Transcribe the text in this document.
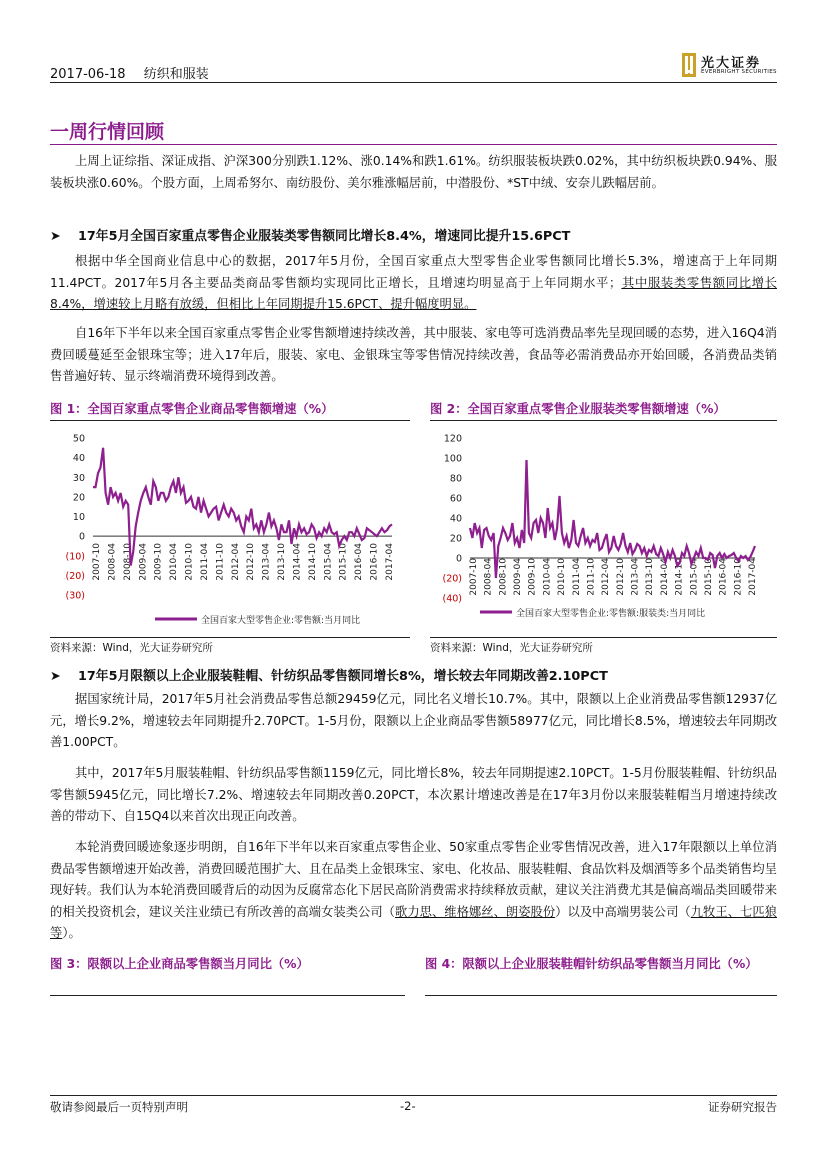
2017-06-18 纺织和服装
光大证券
EVERBRIGHT SECURITIES
一周行情回顾
上周上证综指、深证成指、沪深300分别跌1.12%、涨0.14%和跌1.61%。纺织服装板块跌0.02%，其中纺织板块跌0.94%、服装板块涨0.60%。个股方面，上周希努尔、南纺股份、美尔雅涨幅居前，中潜股份、*ST中绒、安奈儿跌幅居前。
➤ 17年5月全国百家重点零售企业服装类零售额同比增长8.4%，增速同比提升15.6PCT
根据中华全国商业信息中心的数据，2017年5月份，全国百家重点大型零售企业零售额同比增长5.3%，增速高于上年同期11.4PCT。2017年5月各主要品类商品零售额均实现同比正增长，且增速均明显高于上年同期水平；其中服装类零售额同比增长8.4%，增速较上月略有放缓，但相比上年同期提升15.6PCT、提升幅度明显。
自16年下半年以来全国百家重点零售企业零售额增速持续改善，其中服装、家电等可选消费品率先呈现回暖的态势，进入16Q4消费回暖蔓延至金银珠宝等；进入17年后，服装、家电、金银珠宝等零售情况持续改善，食品等必需消费品亦开始回暖，各消费品类销售普遍好转、显示终端消费环境得到改善。
图 1：全国百家重点零售企业商品零售额增速（%）
50
40
30
20
10
0
(10)
(20)
(30)
2007-10 2008-04 2008-10 2009-04 2009-10 2010-04 2010-10 2011-04 2011-10 2012-04 2012-10 2013-04 2013-10 2014-04 2014-10 2015-04 2015-10 2016-04 2016-10 2017-04
全国百家大型零售企业:零售额:当月同比
资料来源：Wind，光大证券研究所
图 2：全国百家重点零售企业服装类零售额增速（%）
120
100
80
60
40
20
0
(20)
(40)
2007-10 2008-04 2008-10 2009-04 2009-10 2010-04 2010-10 2011-04 2011-10 2012-04 2012-10 2013-04 2013-10 2014-04 2014-10 2015-04 2015-10 2016-04 2016-10 2017-04
全国百家大型零售企业:零售额:服装类:当月同比
资料来源：Wind，光大证券研究所
➤ 17年5月限额以上企业服装鞋帽、针纺织品零售额同增长8%，增长较去年同期改善2.10PCT
据国家统计局，2017年5月社会消费品零售总额29459亿元，同比名义增长10.7%。其中，限额以上企业消费品零售额12937亿元，增长9.2%，增速较去年同期提升2.70PCT。1-5月份，限额以上企业商品零售额58977亿元，同比增长8.5%，增速较去年同期改善1.00PCT。
其中，2017年5月服装鞋帽、针纺织品零售额1159亿元，同比增长8%，较去年同期提速2.10PCT。1-5月份服装鞋帽、针纺织品零售额5945亿元，同比增长7.2%、增速较去年同期改善0.20PCT，本次累计增速改善是在17年3月份以来服装鞋帽当月增速持续改善的带动下、自15Q4以来首次出现正向改善。
本轮消费回暖迹象逐步明朗，自16年下半年以来百家重点零售企业、50家重点零售企业零售情况改善，进入17年限额以上单位消费品零售额增速开始改善，消费回暖范围扩大、且在品类上金银珠宝、家电、化妆品、服装鞋帽、食品饮料及烟酒等多个品类销售均呈现好转。我们认为本轮消费回暖背后的动因为反腐常态化下居民高阶消费需求持续释放贡献，建议关注消费尤其是偏高端品类回暖带来的相关投资机会，建议关注业绩已有所改善的高端女装类公司（歌力思、维格娜丝、朗姿股份）以及中高端男装公司（九牧王、七匹狼等）。
图 3：限额以上企业商品零售额当月同比（%）	图 4：限额以上企业服装鞋帽针纺织品零售额当月同比（%）
敬请参阅最后一页特别声明	-2-	证券研究报告
